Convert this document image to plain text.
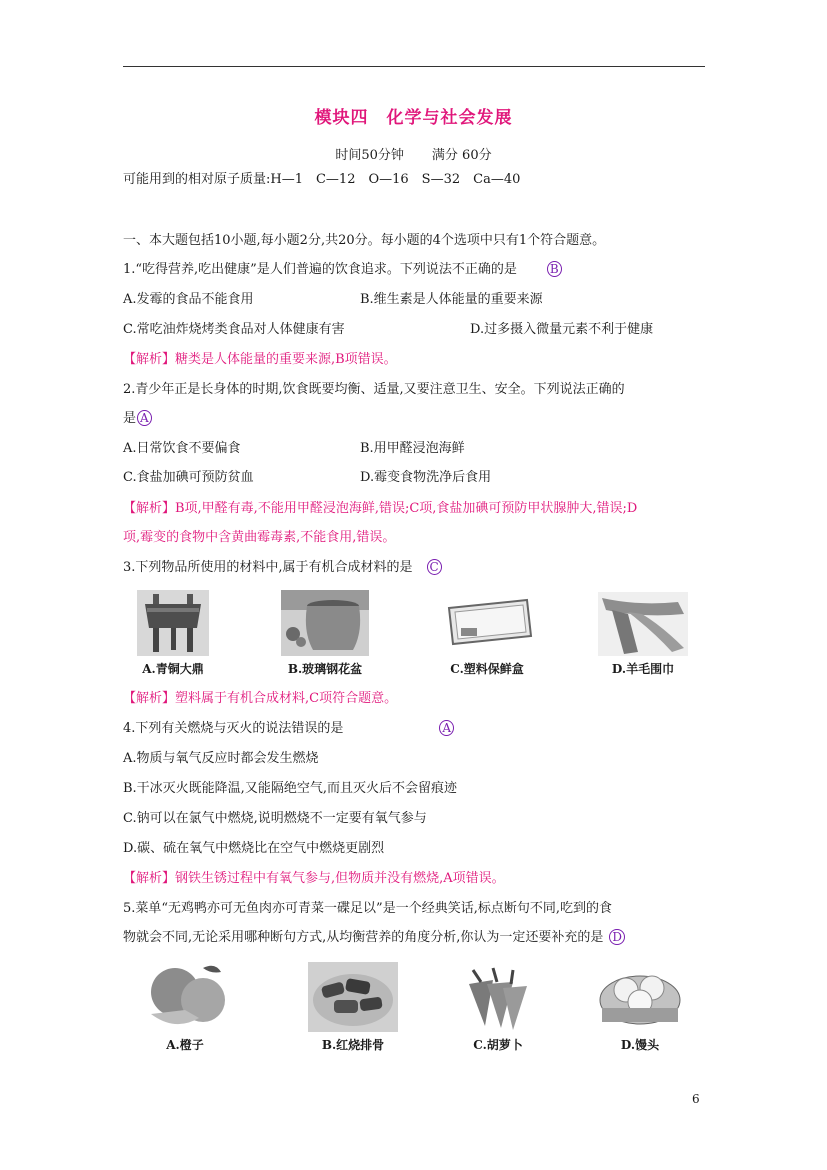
模块四　化学与社会发展
时间50分钟 满分 60分
可能用到的相对原子质量:H—1　C—12　O—16　S—32　Ca—40
一、本大题包括10小题,每小题2分,共20分。每小题的4个选项中只有1个符合题意。
1.“吃得营养,吃出健康”是人们普遍的饮食追求。下列说法不正确的是	B
A.发霉的食品不能食用	B.维生素是人体能量的重要来源
C.常吃油炸烧烤类食品对人体健康有害	D.过多摄入微量元素不利于健康
【解析】糖类是人体能量的重要来源,B项错误。
2.青少年正是长身体的时期,饮食既要均衡、适量,又要注意卫生、安全。下列说法正确的
是 A
A.日常饮食不要偏食	B.用甲醛浸泡海鲜
C.食盐加碘可预防贫血	D.霉变食物洗净后食用
【解析】B项,甲醛有毒,不能用甲醛浸泡海鲜,错误;C项,食盐加碘可预防甲状腺肿大,错误;D
项,霉变的食物中含黄曲霉毒素,不能食用,错误。
3.下列物品所使用的材料中,属于有机合成材料的是 C
A.青铜大鼎	B.玻璃钢花盆	C.塑料保鲜盒	D.羊毛围巾
【解析】塑料属于有机合成材料,C项符合题意。
4.下列有关燃烧与灭火的说法错误的是	A
A.物质与氧气反应时都会发生燃烧
B.干冰灭火既能降温,又能隔绝空气,而且灭火后不会留痕迹
C.钠可以在氯气中燃烧,说明燃烧不一定要有氧气参与
D.碳、硫在氧气中燃烧比在空气中燃烧更剧烈
【解析】钢铁生锈过程中有氧气参与,但物质并没有燃烧,A项错误。
5.菜单“无鸡鸭亦可无鱼肉亦可青菜一碟足以”是一个经典笑话,标点断句不同,吃到的食
物就会不同,无论采用哪种断句方式,从均衡营养的角度分析,你认为一定还要补充的是 D
A.橙子	B.红烧排骨	C.胡萝卜	D.馒头
6
